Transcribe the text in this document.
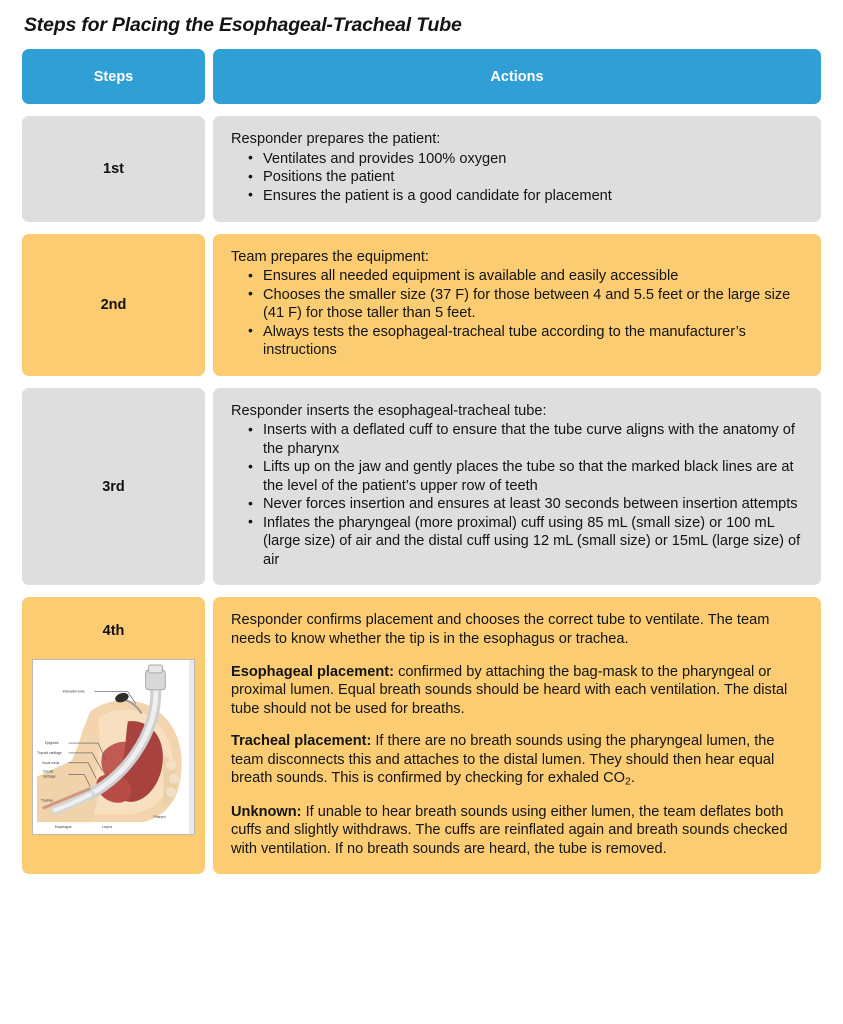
Steps for Placing the Esophageal-Tracheal Tube
Steps	Actions
1st

Responder prepares the patient:

• Ventilates and provides 100% oxygen
• Positions the patient
• Ensures the patient is a good candidate for placement
2nd

Team prepares the equipment:

• Ensures all needed equipment is available and easily accessible
• Chooses the smaller size (37 F) for those between 4 and 5.5 feet or the large size (41 F) for those taller than 5 feet.
• Always tests the esophageal-tracheal tube according to the manufacturer’s instructions
3rd

Responder inserts the esophageal-tracheal tube:

• Inserts with a deflated cuff to ensure that the tube curve aligns with the anatomy of the pharynx
• Lifts up on the jaw and gently places the tube so that the marked black lines are at the level of the patient’s upper row of teeth
• Never forces insertion and ensures at least 30 seconds between insertion attempts
• Inflates the pharyngeal (more proximal) cuff using 85 mL (small size) or 100 mL (large size) of air and the distal cuff using 12 mL (small size) or 15mL (large size) of air
4th
Epiglottis
Thyroid cartilage
Vocal cords
Cricoid
cartilage
Intubation tube
Trachea
Esophagus	Larynx
Pharynx

Responder confirms placement and chooses the correct tube to ventilate. The team needs to know whether the tip is in the esophagus or trachea.

Esophageal placement: confirmed by attaching the bag-mask to the pharyngeal or proximal lumen. Equal breath sounds should be heard with each ventilation. The distal tube should not be used for breaths.

Tracheal placement: If there are no breath sounds using the pharyngeal lumen, the team disconnects this and attaches to the distal lumen. They should then hear equal breath sounds. This is confirmed by checking for exhaled $CO_2$.

Unknown: If unable to hear breath sounds using either lumen, the team deflates both cuffs and slightly withdraws. The cuffs are reinflated again and breath sounds checked with ventilation. If no breath sounds are heard, the tube is removed.
